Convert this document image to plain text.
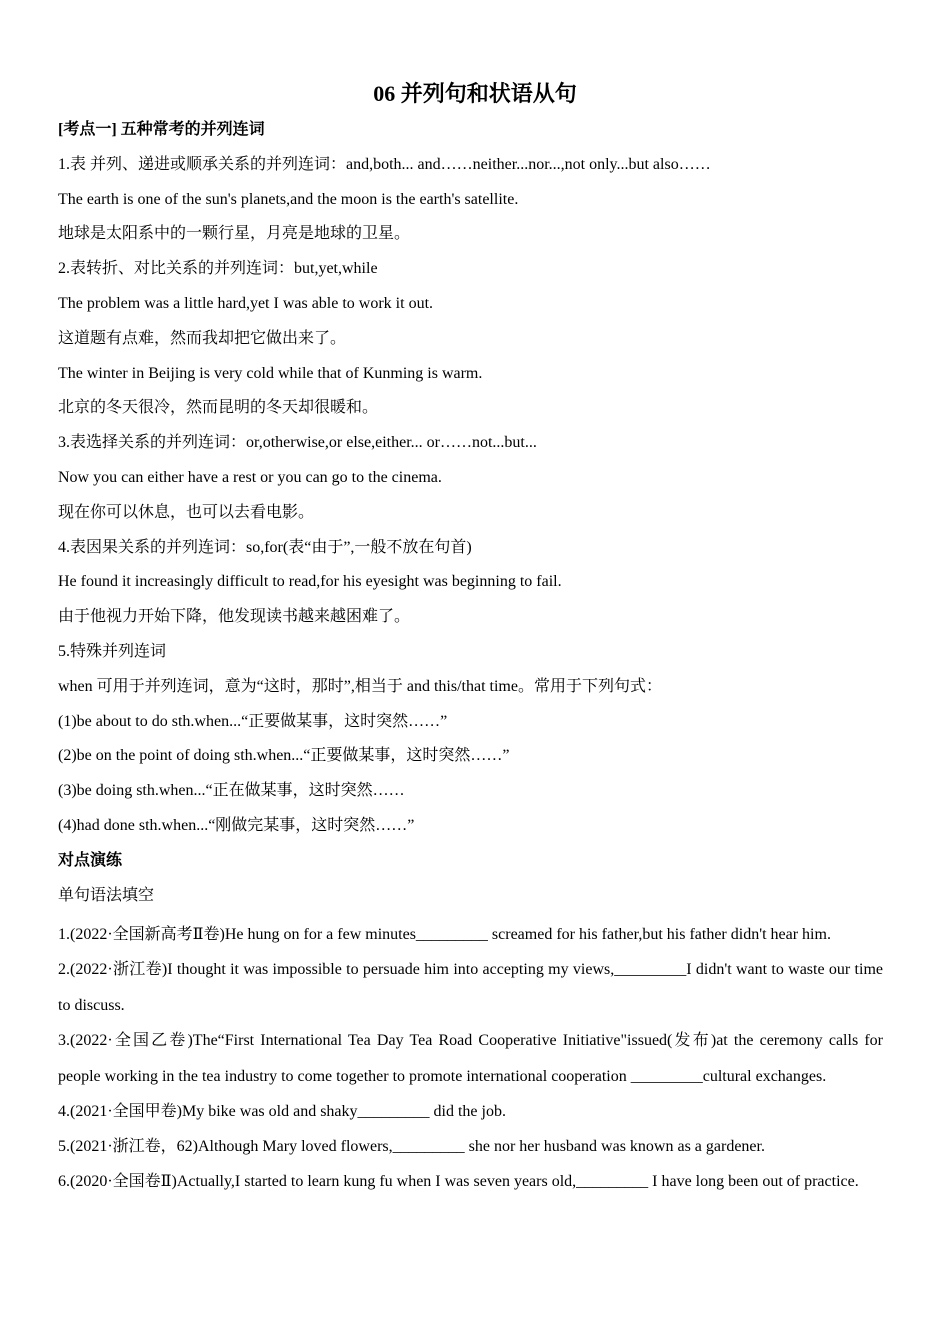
06 并列句和状语从句
[考点一] 五种常考的并列连词
1.表 并列、递进或顺承关系的并列连词：and,both... and……neither...nor...,not only...but also……
The earth is one of the sun's planets,and the moon is the earth's satellite.
地球是太阳系中的一颗行星，月亮是地球的卫星。
2.表转折、对比关系的并列连词：but,yet,while
The problem was a little hard,yet I was able to work it out.
这道题有点难，然而我却把它做出来了。
The winter in Beijing is very cold while that of Kunming is warm.
北京的冬天很冷，然而昆明的冬天却很暖和。
3.表选择关系的并列连词：or,otherwise,or else,either... or……not...but...
Now you can either have a rest or you can go to the cinema.
现在你可以休息，也可以去看电影。
4.表因果关系的并列连词：so,for(表“由于”,一般不放在句首)
He found it increasingly difficult to read,for his eyesight was beginning to fail.
由于他视力开始下降，他发现读书越来越困难了。
5.特殊并列连词
when 可用于并列连词，意为“这时，那时”,相当于 and this/that time。常用于下列句式：
(1)be about to do sth.when...“正要做某事，这时突然……”
(2)be on the point of doing sth.when...“正要做某事，这时突然……”
(3)be doing sth.when...“正在做某事，这时突然……
(4)had done sth.when...“刚做完某事，这时突然……”
对点演练
单句语法填空
1.(2022·全国新高考Ⅱ卷)He hung on for a few minutes_________ screamed for his father,but his father didn't hear him.
2.(2022·浙江卷)I thought it was impossible to persuade him into accepting my views,_________I didn't want to waste our time to discuss.
3.(2022·全国乙卷)The“First International Tea Day Tea Road Cooperative Initiative"issued(发布)at the ceremony calls for people working in the tea industry to come together to promote international cooperation _________cultural exchanges.
4.(2021·全国甲卷)My bike was old and shaky_________ did the job.
5.(2021·浙江卷，62)Although Mary loved flowers,_________ she nor her husband was known as a gardener.
6.(2020·全国卷Ⅱ)Actually,I started to learn kung fu when I was seven years old,_________ I have long been out of practice.
